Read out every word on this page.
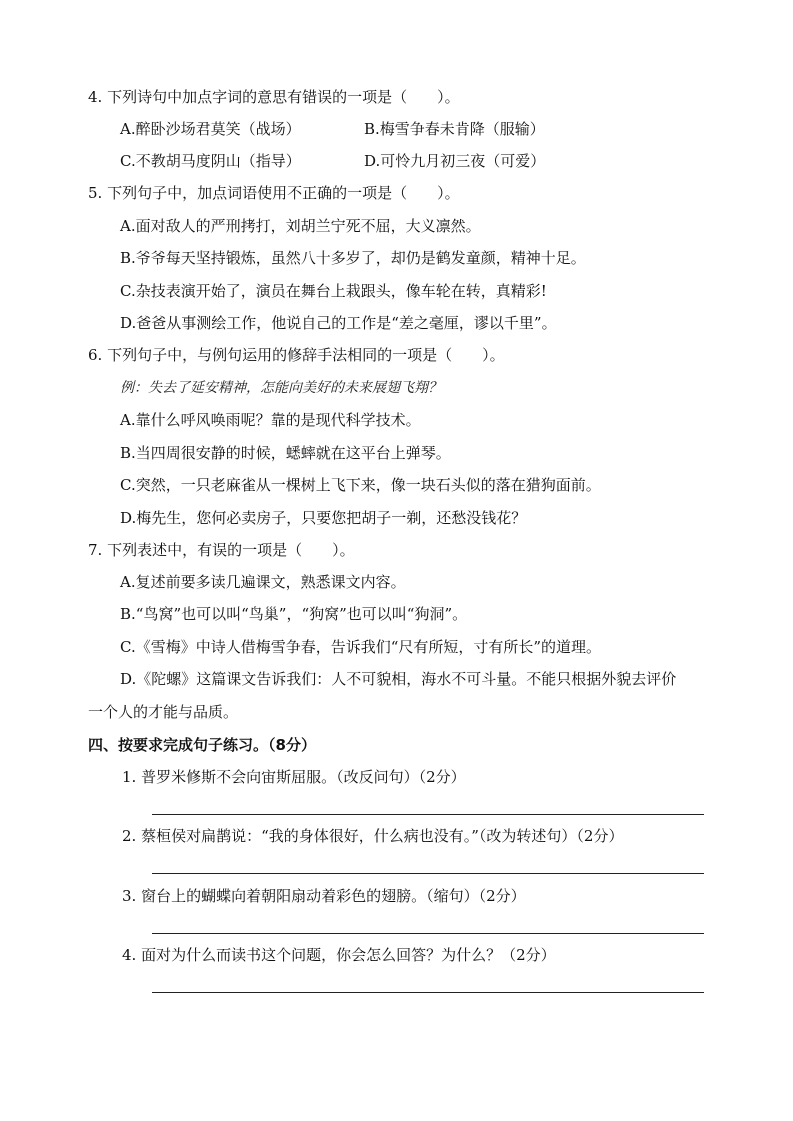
4. 下列诗句中加点字词的意思有错误的一项是（　　）。
A.醉卧沙场君莫笑（战场）	B.梅雪争春未肯降（服输）
C.不教胡马度阴山（指导）	D.可怜九月初三夜（可爱）
5. 下列句子中，加点词语使用不正确的一项是（　　）。
A.面对敌人的严刑拷打，刘胡兰宁死不屈，大义凛然。
B.爷爷每天坚持锻炼，虽然八十多岁了，却仍是鹤发童颜，精神十足。
C.杂技表演开始了，演员在舞台上栽跟头，像车轮在转，真精彩!
D.爸爸从事测绘工作，他说自己的工作是“差之毫厘，谬以千里”。
6. 下列句子中，与例句运用的修辞手法相同的一项是（　　）。
例：失去了延安精神，怎能向美好的未来展翅飞翔？
A.靠什么呼风唤雨呢？靠的是现代科学技术。
B.当四周很安静的时候，蟋蟀就在这平台上弹琴。
C.突然，一只老麻雀从一棵树上飞下来，像一块石头似的落在猎狗面前。
D.梅先生，您何必卖房子，只要您把胡子一剃，还愁没钱花？
7. 下列表述中，有误的一项是（　　）。
A.复述前要多读几遍课文，熟悉课文内容。
B.“鸟窝”也可以叫“鸟巢”，“狗窝”也可以叫“狗洞”。
C.《雪梅》中诗人借梅雪争春，告诉我们“尺有所短，寸有所长”的道理。
D.《陀螺》这篇课文告诉我们：人不可貌相，海水不可斗量。不能只根据外貌去评价
一个人的才能与品质。
四、按要求完成句子练习。（8分）
1. 普罗米修斯不会向宙斯屈服。（改反问句）（2分）
2. 蔡桓侯对扁鹊说：“我的身体很好，什么病也没有。”（改为转述句）（2分）
3. 窗台上的蝴蝶向着朝阳扇动着彩色的翅膀。（缩句）（2分）
4. 面对为什么而读书这个问题，你会怎么回答？为什么？（2分）
